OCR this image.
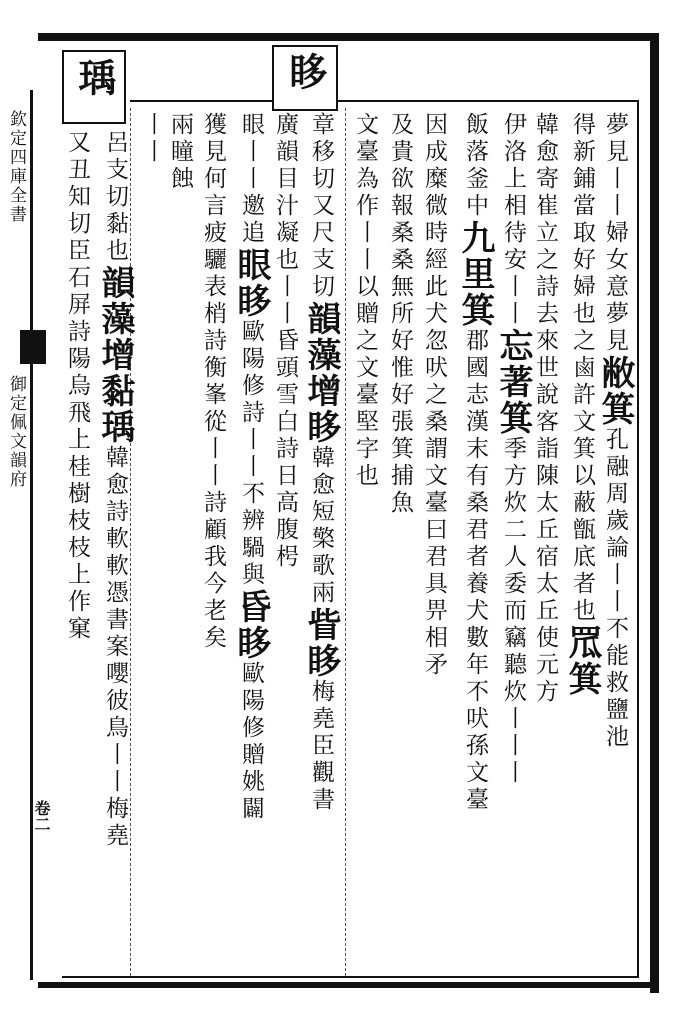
欽定四庫全書
御定佩文韻府
卷二
瑀	眵
夢見丨丨婦女意夢見敝箕孔融周歲論丨丨不能救鹽池
得新鋪當取好婦也之鹵許文箕以蔽甑底者也罛箕
韓愈寄崔立之詩去來世說客詣陳太丘宿太丘使元方
伊洛上相待安丨丨忘著箕季方炊二人委而竊聽炊丨丨丨
飯落釜中九里箕郡國志漢末有桑君者養犬數年不吠孫文臺
因成糜微時經此犬忽吠之桑謂文臺曰君具畀相矛
及貴欲報桑桑無所好惟好張箕捕魚
文臺為作丨丨以贈之文臺堅字也
章移切又尺支切韻藻增眵韓愈短檠歌兩眥眵梅堯臣觀書
廣韻目汁凝也丨丨昏頭雪白詩日高腹枵
眼丨丨邀追眼眵歐陽修詩丨丨不辨騧與昏眵歐陽修贈姚闢
獲見何言疲驪表梢詩衡峯從丨丨詩顧我今老矣
兩瞳蝕
丨丨
呂支切黏也韻藻增黏瑀韓愈詩軟軟憑書案嚶彼鳥丨丨梅堯
又丑知切臣石屏詩陽烏飛上桂樹枝枝上作窠
